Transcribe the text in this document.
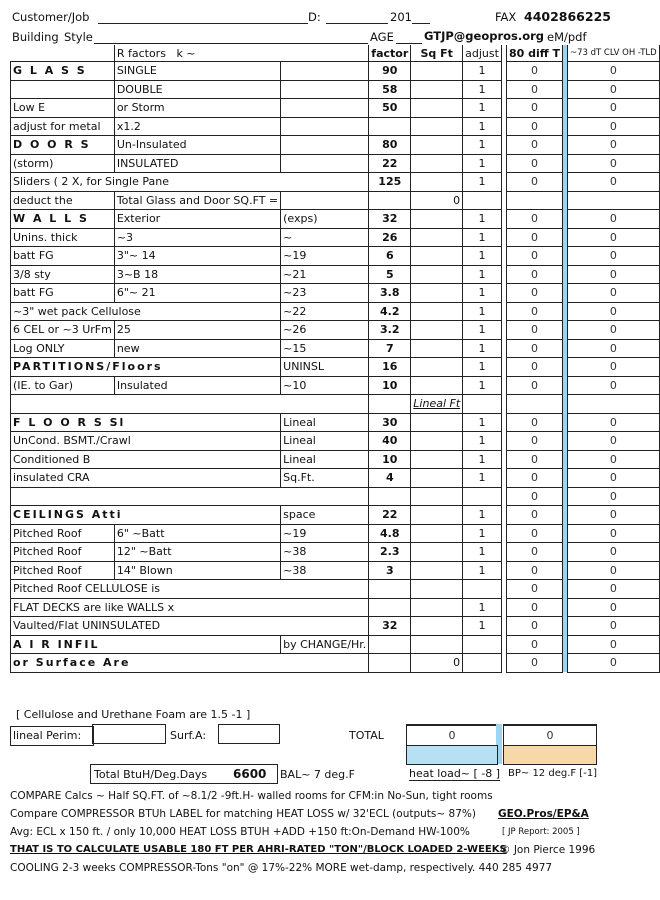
Customer/Job	D:	201	FAX 4402866225
Building Style	AGE	GTJP@geopros.org eM/pdf
	R factors k ~		factor	Sq Ft	adjust		80 diff T		~73 dT CLV OH -TLD
G L A S S	SINGLE		90		1		0		0
	DOUBLE		58		1		0		0
Low E	or Storm		50		1		0		0
adjust for metal	x1.2				1		0		0
D O O R S	Un-Insulated		80		1		0		0
(storm)	INSULATED		22		1		0		0
Sliders ( 2 X, for Single Pane			125		1		0		0
deduct the	Total Glass and Door SQ.FT =			0					
W A L L S	Exterior	(exps)	32		1		0		0
Unins. thick	~3	~	26		1		0		0
batt FG	3"~ 14	~19	6		1		0		0
3/8 sty	3~B 18	~21	5		1		0		0
batt FG	6"~ 21	~23	3.8		1		0		0
~3" wet pack Cellulose		~22	4.2		1		0		0
6 CEL or ~3 UrFm	25	~26	3.2		1		0		0
Log ONLY	new	~15	7		1		0		0
PARTITIONS/Floors		UNINSL	16		1		0		0
(IE. to Gar)	Insulated	~10	10		1		0		0
				Lineal Ft					
F L O O R S Sl		Lineal	30		1		0		0
UnCond. BSMT./Crawl		Lineal	40		1		0		0
Conditioned B		Lineal	10		1		0		0
insulated CRA		Sq.Ft.	4		1		0		0
							0		0
CEILINGS Atti		space	22		1		0		0
Pitched Roof	6" ~Batt	~19	4.8		1		0		0
Pitched Roof	12" ~Batt	~38	2.3		1		0		0
Pitched Roof	14" Blown	~38	3		1		0		0
Pitched Roof CELLULOSE is							0		0
FLAT DECKS are like WALLS x					1		0		0
Vaulted/Flat UNINSULATED			32		1		0		0
A I R INFIL		by CHANGE/Hr.					0		0
or Surface Are				0			0		0
[ Cellulose and Urethane Foam are 1.5 -1 ]
lineal Perim:	Surf.A:	TOTAL	0	0
Total BtuH/Deg.Days 6600 BAL~ 7 deg.F	heat load~ [ -8 ] BP~ 12 deg.F [-1]
COMPARE Calcs ~ Half SQ.FT. of ~8.1/2 -9ft.H- walled rooms for CFM:in No-Sun, tight rooms
Compare COMPRESSOR BTUh LABEL for matching HEAT LOSS w/ 32'ECL (outputs~ 87%) GEO.Pros/EP&A
Avg: ECL x 150 ft. / only 10,000 HEAT LOSS BTUH +ADD +150 ft:On-Demand HW-100%	[ JP Report: 2005 ]
THAT IS TO CALCULATE USABLE 180 FT PER AHRI-RATED "TON"/BLOCK LOADED 2-WEEKS
© Jon Pierce 1996
COOLING 2-3 weeks COMPRESSOR-Tons "on" @ 17%-22% MORE wet-damp, respectively. 440 285 4977
